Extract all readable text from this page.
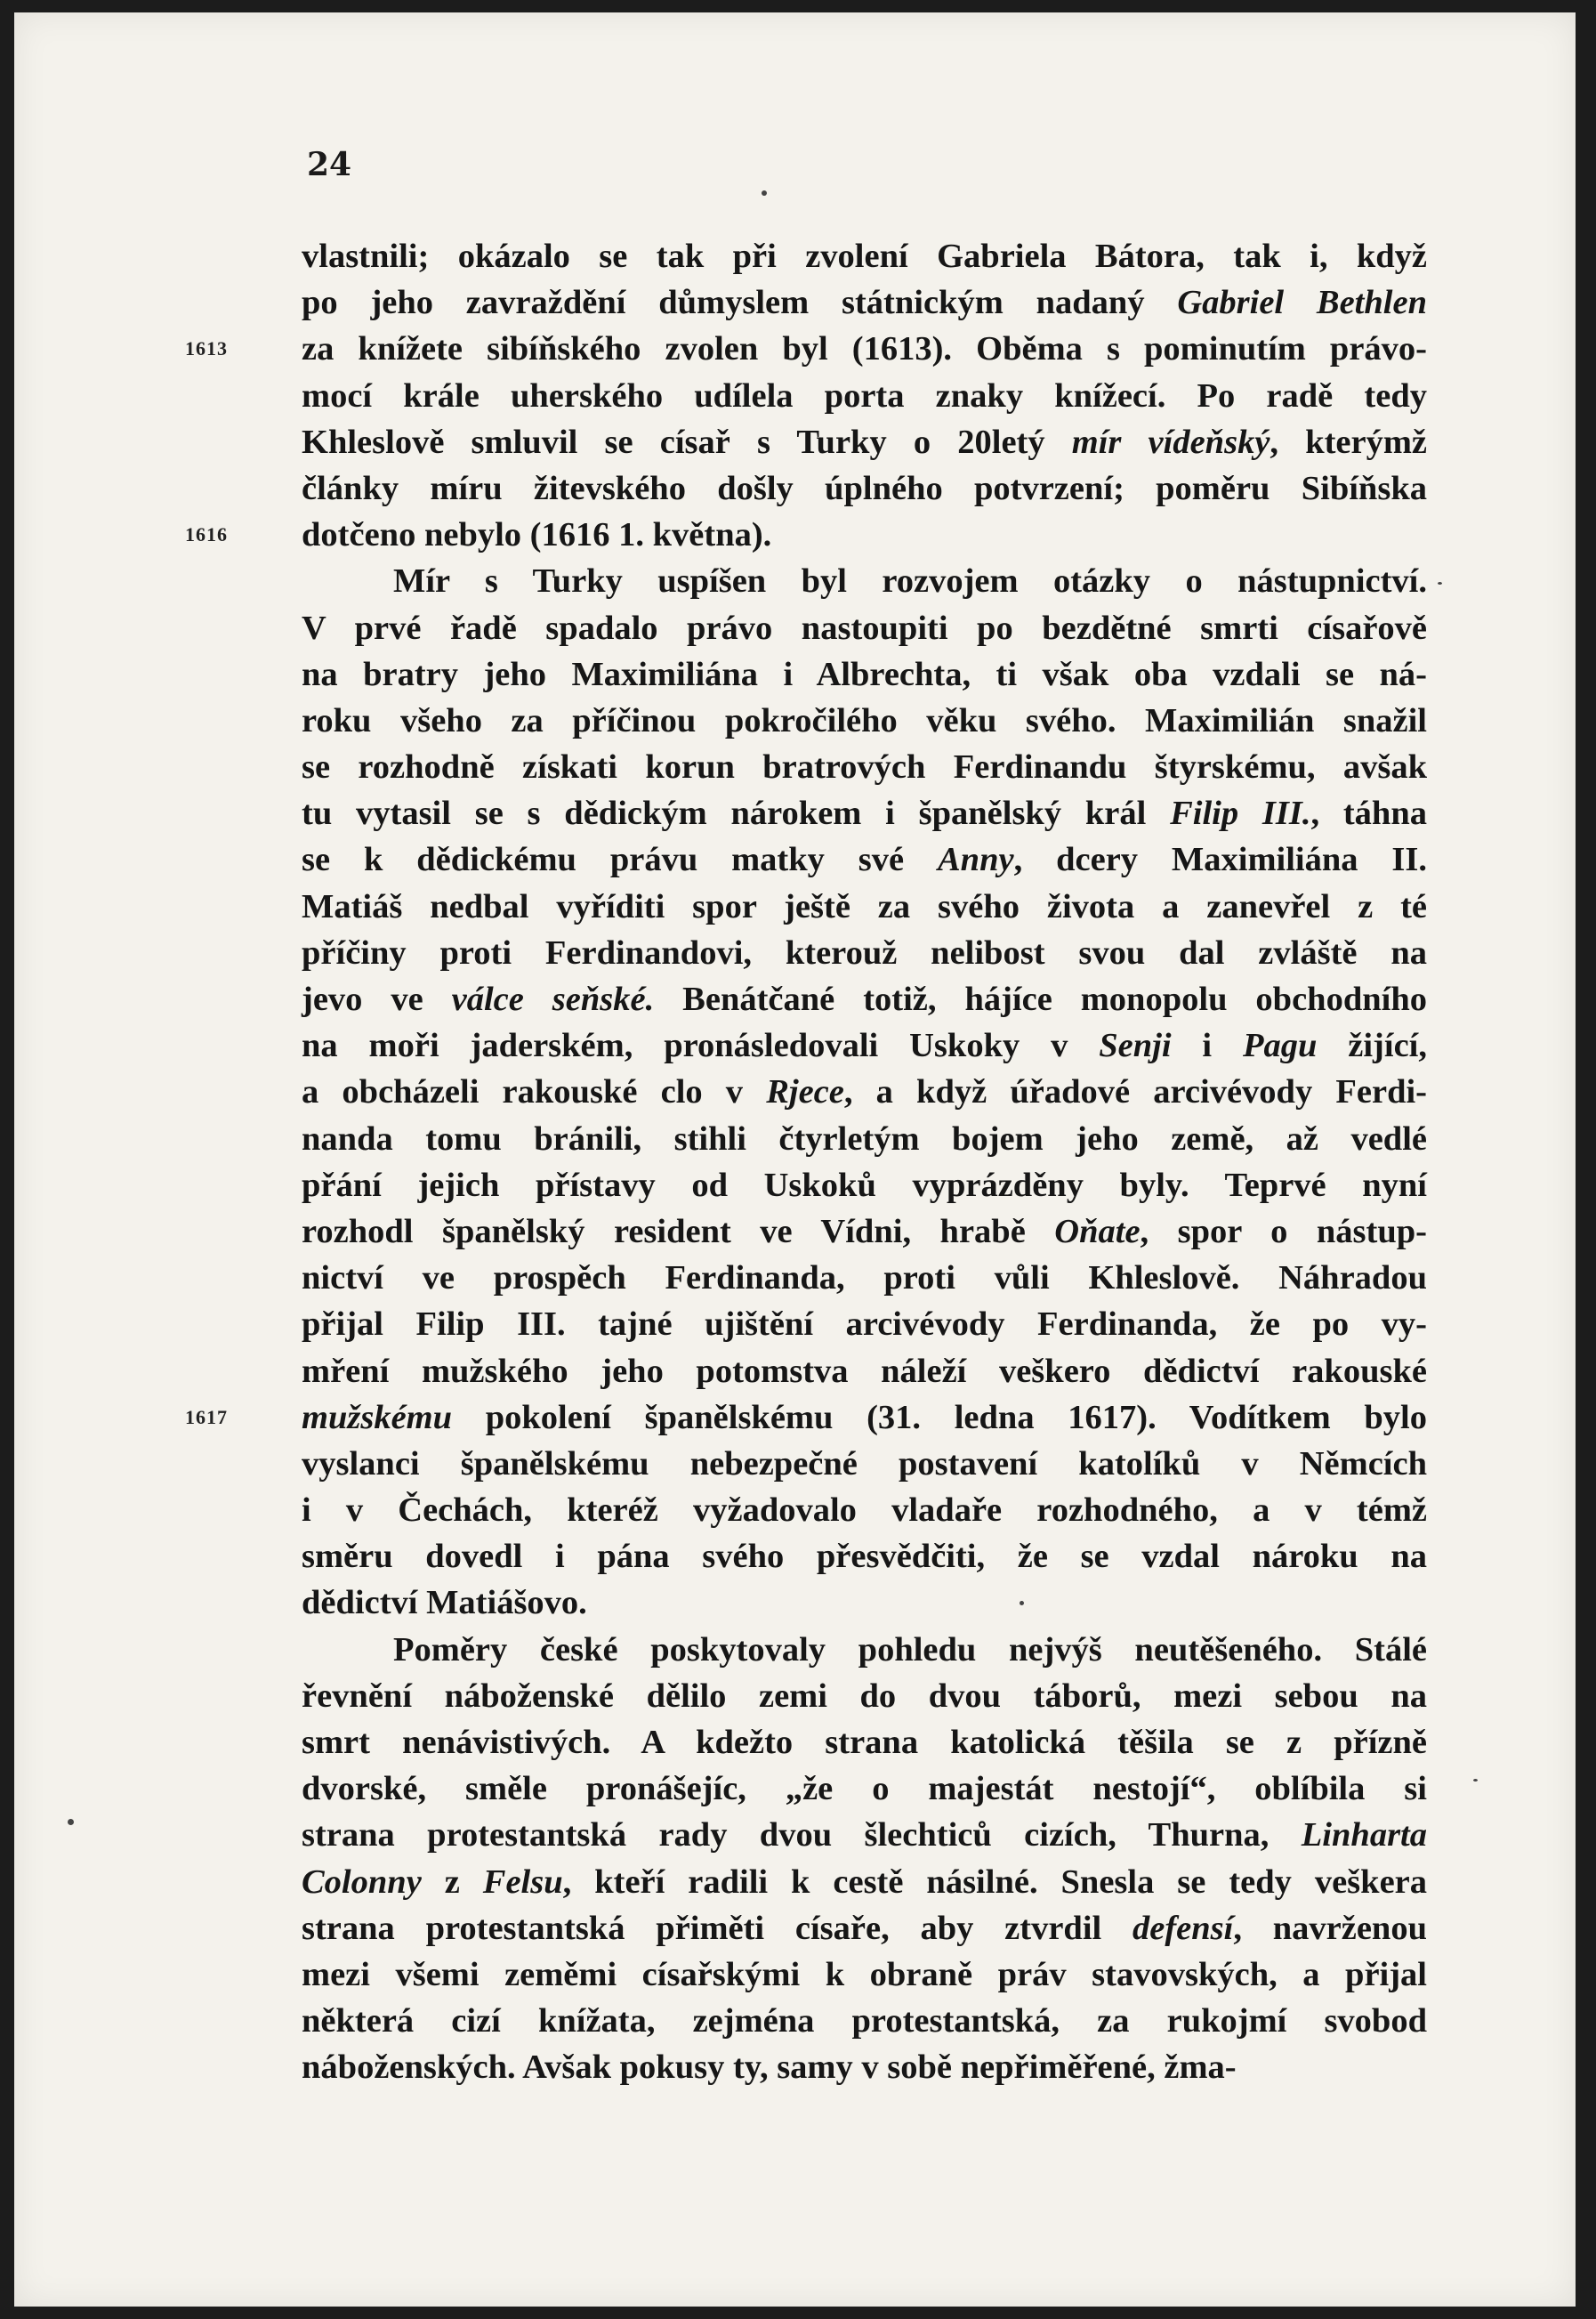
24
vlastnili; okázalo se tak při zvolení Gabriela Bátora, tak i, když
po jeho zavraždění důmyslem státnickým nadaný Gabriel Bethlen
za knížete sibíňského zvolen byl (1613). Oběma s pominutím právo-
1613
mocí krále uherského udílela porta znaky knížecí. Po radě tedy
Khleslově smluvil se císař s Turky o 20letý mír vídeňský, kterýmž
články míru žitevského došly úplného potvrzení; poměru Sibíňska
dotčeno nebylo (1616 1. května).
1616
Mír s Turky uspíšen byl rozvojem otázky o nástupnictví.
V prvé řadě spadalo právo nastoupiti po bezdětné smrti císařově
na bratry jeho Maximiliána i Albrechta, ti však oba vzdali se ná-
roku všeho za příčinou pokročilého věku svého. Maximilián snažil
se rozhodně získati korun bratrových Ferdinandu štyrskému, avšak
tu vytasil se s dědickým nárokem i španělský král Filip III., táhna
se k dědickému právu matky své Anny, dcery Maximiliána II.
Matiáš nedbal vyříditi spor ještě za svého života a zanevřel z té
příčiny proti Ferdinandovi, kterouž nelibost svou dal zvláště na
jevo ve válce seňské. Benátčané totiž, hájíce monopolu obchodního
na moři jaderském, pronásledovali Uskoky v Senji i Pagu žijící,
a obcházeli rakouské clo v Rjece, a když úřadové arcivévody Ferdi-
nanda tomu bránili, stihli čtyrletým bojem jeho země, až vedlé
přání jejich přístavy od Uskoků vyprázděny byly. Teprvé nyní
rozhodl španělský resident ve Vídni, hrabě Oňate, spor o nástup-
nictví ve prospěch Ferdinanda, proti vůli Khleslově. Náhradou
přijal Filip III. tajné ujištění arcivévody Ferdinanda, že po vy-
mření mužského jeho potomstva náleží veškero dědictví rakouské
mužskému pokolení španělskému (31. ledna 1617). Vodítkem bylo
1617
vyslanci španělskému nebezpečné postavení katolíků v Němcích
i v Čechách, kteréž vyžadovalo vladaře rozhodného, a v témž
směru dovedl i pána svého přesvědčiti, že se vzdal nároku na
dědictví Matiášovo.
Poměry české poskytovaly pohledu nejvýš neutěšeného. Stálé
řevnění náboženské dělilo zemi do dvou táborů, mezi sebou na
smrt nenávistivých. A kdežto strana katolická těšila se z přízně
dvorské, směle pronášejíc, „že o majestát nestojí“, oblíbila si
strana protestantská rady dvou šlechticů cizích, Thurna, Linharta
Colonny z Felsu, kteří radili k cestě násilné. Snesla se tedy veškera
strana protestantská přiměti císaře, aby ztvrdil defensí, navrženou
mezi všemi zeměmi císařskými k obraně práv stavovských, a přijal
některá cizí knížata, zejména protestantská, za rukojmí svobod
náboženských. Avšak pokusy ty, samy v sobě nepřiměřené, žma-
